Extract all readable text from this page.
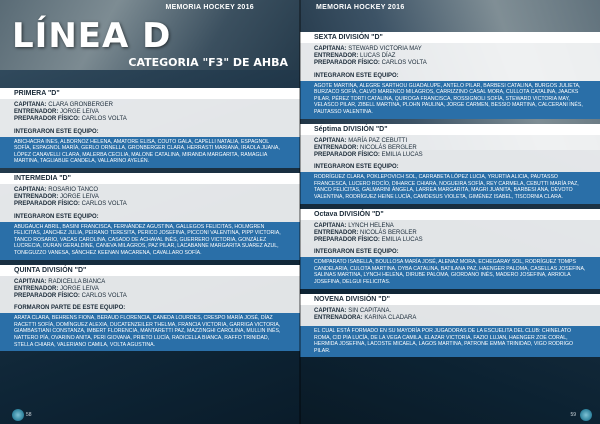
MEMORIA HOCKEY 2016
LÍNEA D
CATEGORIA "F3" DE AHBA
PRIMERA "D"
CAPITANA: CLARA GRONBERGER
ENTRENADOR: JORGE LEIVA
PREPARADOR FÍSICO: CARLOS VOLTA
INTEGRARON ESTE EQUIPO:
ABICHACRA INES, ALBORNOZ HELENA, AMATORE ELISA, COUTO GALA, CAPELLI NATALIA, ESPAGNOL SOFÍA, ESPAGNOL MARÍA, GERLO ORNELLA, GRONBERGER CLARA, HERRASTI MARIANA, IRAOLA JUANA, LÓPEZ CANAVELLI CLARA, MALERBA CECILIA, MALONE CATALINA, MIRANDA MARGARITA, RAMAGLIA MARTINA, TAGLIABUE CANDELA, VALLARINO AYELÉN.
INTERMEDIA "D"
CAPITANA: ROSARIO TANCO
ENTRENADOR: JORGE LEIVA
PREPARADOR FÍSICO: CARLOS VOLTA
INTEGRARON ESTE EQUIPO:
ABUGAUCH ABRIL, BASINI FRANCISCA, FERNÁNDEZ AGUSTINA, GALLEGOS FELICITAS, HOLMGREN FELICITAS, JANCHEZ JULIA, PEIRANO TERESITA, PERICO JOSEFINA, PICCONI VALENTINA, PIPP VICTORIA, TANCO ROSARIO, VACAS CAROLINA, CASADO DE ACHAVAL INÉS, GUERRERO VICTORIA, GONZÁLEZ LUCRECIA, DURAN GERALDINE, CANEVA MILAGROS, PAZ PILAR, LACABANNE MARGARITA SUAREZ AZUL, TONEGUZZO VANESA, SÁNCHEZ KEENAN MACARENA, CAVALLARO SOFÍA.
QUINTA DIVISIÓN "D"
CAPITANA: RADICELLA BIANCA
ENTRENADOR: JORGE LEIVA
PREPARADOR FÍSICO: CARLOS VOLTA
FORMARON PARTE DE ESTE EQUIPO:
ARATA CLARA, BEHRENS FIONA, BERAUD FLORENCIA, CANEDA LOURDES, CRESPO MARÍA JOSÉ, DÍAZ RACETTI SOFÍA, DOMÍNGUEZ ALEXIA, DUCATENZEILER THELMA, FRANCIA VICTORIA, GARRIGA VICTORIA, GIAMBASTIANI CONSTANZA, IMBERT FLORENCIA, MANTARETTI PAZ, MAZZINGHI CAROLINA, MULLIN INÉS, NATTERO PÍA, OVARINO ANITA, PERI GIOVANA, PRIETO LUCÍA, RADICELLA BIANCA, RAFFO TRINIDAD, STELLA CHIARA, VALERIANO CAMILA, VOLTA AGUSTINA.
58
MEMORIA HOCKEY 2016
SEXTA DIVISIÓN "D"
CAPITANA: STEWARD VICTORIA MAY
ENTRENADOR: LUCAS DÍAZ
PREPARADOR FÍSICO: CARLOS VOLTA
INTEGRARON ESTE EQUIPO:
AGOTE MARTINA, ALEGRE SARTHOU GUADALUPE, ANTELO PILAR, BARBESI CATALINA, BURGOS JULIETA, BURZACO SOFÍA, CALVO MARENCO MILAGROS, CARRIZZINO CASAL MORA, CULLOTA CATALINA, JAACKS PILAR, PÉREZ TORTI CATALINA, QUIROGA FRANCISCA, ROSSIGNOLI SOFÍA, STEWARD VICTORIA MAY, VELASCO PILAR, ZIBELL MARTINA, PLOHN PAULINA, JORGE CARMEN, BESSIO MARTINA, CALCERANI INÉS, PAUTASSO VALENTINA.
Séptima DIVISIÓN "D"
CAPITANA: MARÍA PAZ CEBUTTI
ENTRENADOR: NICOLÁS BERGLER
PREPARADOR FÍSICO: EMILIA LUCAS
INTEGRARON ESTE EQUIPO:
RODRÍGUEZ CLARA, POKLEPOVICH SOL, CARRABETA LÓPEZ LUCIA, YRURTIA ALICIA, PAUTASSO FRANCESCA, LUCERO ROCÍO, DIHARCE CHIARA, NOGUEIRA SOFÍA, REY CARMELA, CEBUTTI MARÍA PAZ, TANCO FELICITAS, GALMARINI ÁNGELA, LARREA MARGARITA, MAGRI JUANITA, BARBESI ANA, DEVOTO VALENTINA, RODRÍGUEZ HEINE LUCÍA, CAMDESUS VIOLETA, GIMÉNEZ ISABEL, TISCORNIA CLARA.
Octava DIVISIÓN "D"
CAPITANA: LYNCH HELENA
ENTRENADOR: NICOLÁS BERGLER
PREPARADOR FÍSICO: EMILIA LUCAS
INTEGRARON ESTE EQUIPO:
COMPARATO ISABELLA, BOULLOSA MARÍA JOSÉ, ALENAZ MORA, ECHEGARAY SOL, RODRÍGUEZ TOMPS CANDELARIA, CULOTA MARTINA, DYBA CATALINA, BATILANA PAZ, HAENGER PALOMA, CASELLAS JOSEFINA, SALINAS MARTINA, LYNCH HELENA, DIRUBE PALOMA, GIORDANO INÉS, MADERO JOSEFINA, ARRIOLA JOSEFINA, DELGUI FELICITAS.
NOVENA DIVISIÓN "D"
CAPITANA: SIN CAPITANA.
ENTRENADORA: KARINA CLADARA
EL CUAL ESTÁ FORMADO EN SU MAYORÍA POR JUGADORAS DE LA ESCUELITA DEL CLUB: CHINELATO ROMA, CID PIA LUCÍA, DE LA VEGA CAMILA, ELAZAR VICTORIA, FAZIO LUJAN, HAENGER ZOE CORAL, HERMIDA JOSEFINA, LACOSTE MICAELA, LAGOS MARTINA, PATRONE EMMA TRINIDAD, VIGO RODRIGO PILAR.
59
